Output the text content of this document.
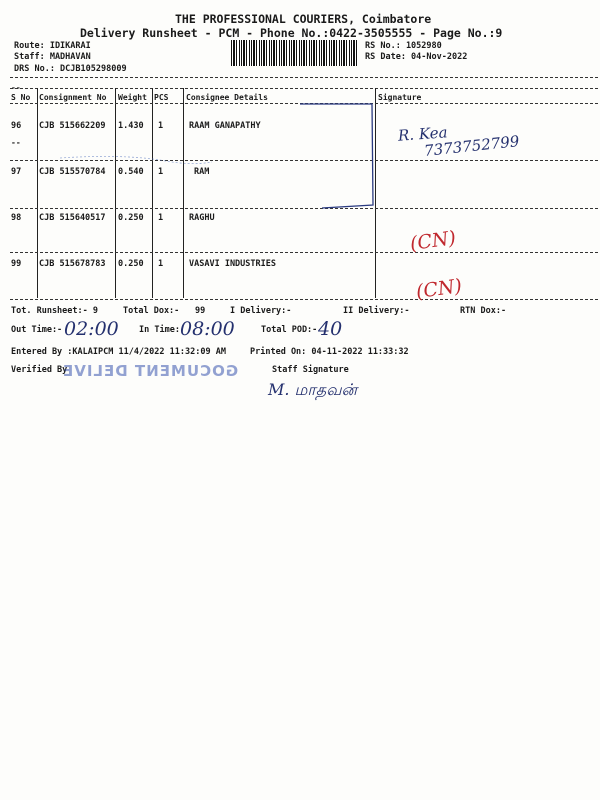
THE PROFESSIONAL COURIERS, Coimbatore
Delivery Runsheet - PCM - Phone No.:0422-3505555 - Page No.:9
Route: IDIKARAI
Staff: MADHAVAN
DRS No.: DCJB105298009
RS No.: 1052980
RS Date: 04-Nov-2022
--
S No Consignment No Weight PCS Consignee Details	Signature
96 CJB 515662209 1.430 1	RAAM GANAPATHY
--
97 CJB 515570784 0.540 1	RAM
98 CJB 515640517 0.250 1	RAGHU
99 CJB 515678783 0.250 1	VASAVI INDUSTRIES
R. Kea
7373752799
(CN)
(CN)
Tot. Runsheet:- 9	Total Dox:- 99	I Delivery:-	II Delivery:-	RTN Dox:-
Out Time:- 02:00 In Time: 08:00	Total POD:- 40
Entered By :KALAIPCM 11/4/2022 11:32:09 AM	Printed On: 04-11-2022 11:33:32
Verified By
GOCUMENT DELIVE	Staff Signature
M. மாதவன்
